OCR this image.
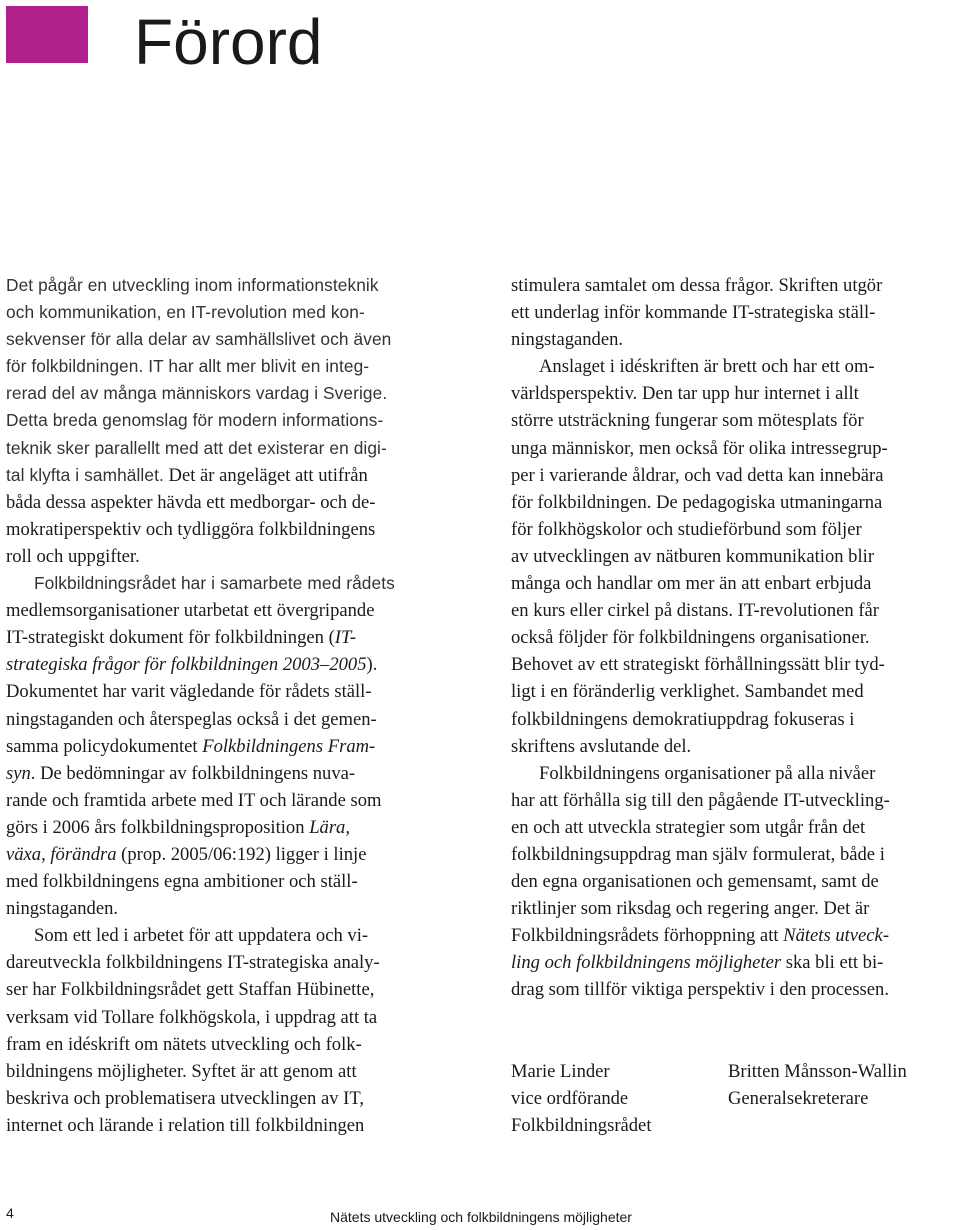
Förord

Det pågår en utveckling inom informationsteknik
och kommunikation, en IT-revolution med kon-
sekvenser för alla delar av samhällslivet och även
för folkbildningen. IT har allt mer blivit en integ-
rerad del av många människors vardag i Sverige.
Detta breda genomslag för modern informations-
teknik sker parallellt med att det existerar en digi-
tal klyfta i samhället. Det är angeläget att utifrån
båda dessa aspekter hävda ett medborgar- och de-
mokratiperspektiv och tydliggöra folkbildningens
roll och uppgifter.

Folkbildningsrådet har i samarbete med rådets
medlemsorganisationer utarbetat ett övergripande
IT-strategiskt dokument för folkbildningen (IT-
strategiska frågor för folkbildningen 2003–2005).
Dokumentet har varit vägledande för rådets ställ-
ningstaganden och återspeglas också i det gemen-
samma policydokumentet Folkbildningens Fram-
syn. De bedömningar av folkbildningens nuva-
rande och framtida arbete med IT och lärande som
görs i 2006 års folkbildningsproposition Lära,
växa, förändra (prop. 2005/06:192) ligger i linje
med folkbildningens egna ambitioner och ställ-
ningstaganden.

Som ett led i arbetet för att uppdatera och vi-
dareutveckla folkbildningens IT-strategiska analy-
ser har Folkbildningsrådet gett Staffan Hübinette,
verksam vid Tollare folkhögskola, i uppdrag att ta
fram en idéskrift om nätets utveckling och folk-
bildningens möjligheter. Syftet är att genom att
beskriva och problematisera utvecklingen av IT,
internet och lärande i relation till folkbildningen

stimulera samtalet om dessa frågor. Skriften utgör
ett underlag inför kommande IT-strategiska ställ-
ningstaganden.

Anslaget i idéskriften är brett och har ett om-
världsperspektiv. Den tar upp hur internet i allt
större utsträckning fungerar som mötesplats för
unga människor, men också för olika intressegrup-
per i varierande åldrar, och vad detta kan innebära
för folkbildningen. De pedagogiska utmaningarna
för folkhögskolor och studieförbund som följer
av utvecklingen av nätburen kommunikation blir
många och handlar om mer än att enbart erbjuda
en kurs eller cirkel på distans. IT-revolutionen får
också följder för folkbildningens organisationer.
Behovet av ett strategiskt förhållningssätt blir tyd-
ligt i en föränderlig verklighet. Sambandet med
folkbildningens demokratiuppdrag fokuseras i
skriftens avslutande del.

Folkbildningens organisationer på alla nivåer
har att förhålla sig till den pågående IT-utveckling-
en och att utveckla strategier som utgår från det
folkbildningsuppdrag man själv formulerat, både i
den egna organisationen och gemensamt, samt de
riktlinjer som riksdag och regering anger. Det är
Folkbildningsrådets förhoppning att Nätets utveck-
ling och folkbildningens möjligheter ska bli ett bi-
drag som tillför viktiga perspektiv i den processen.

Marie Linder
vice ordförande
Folkbildningsrådet
Britten Månsson-Wallin
Generalsekreterare
4	Nätets utveckling och folkbildningens möjligheter
